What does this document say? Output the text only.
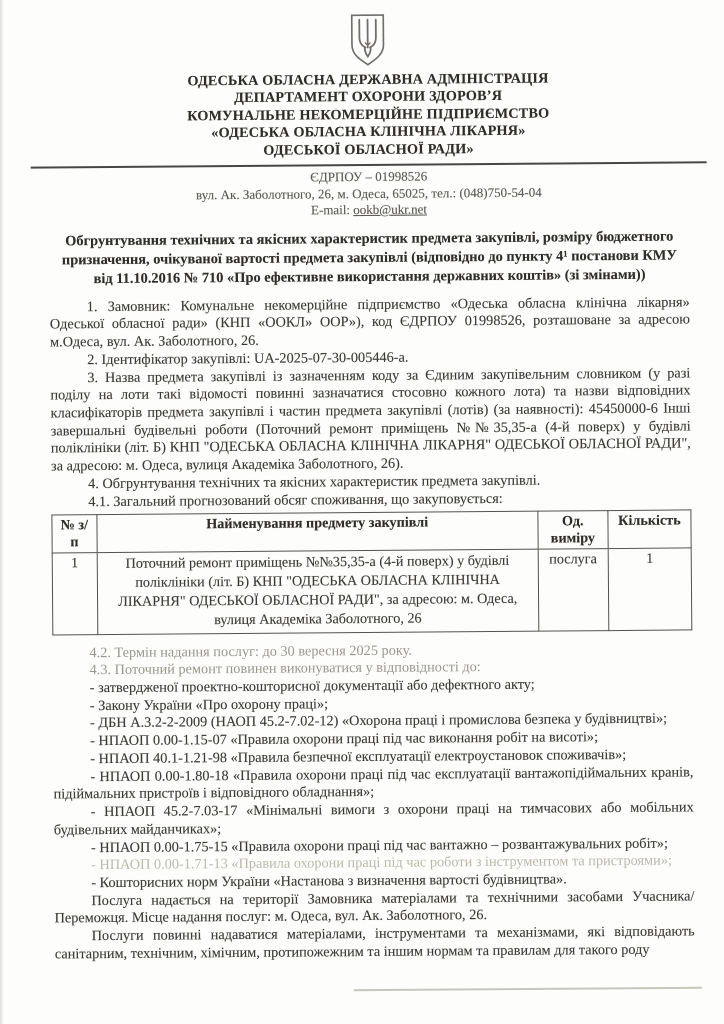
ОДЕСЬКА ОБЛАСНА ДЕРЖАВНА АДМІНІСТРАЦІЯ
ДЕПАРТАМЕНТ ОХОРОНИ ЗДОРОВ’Я
КОМУНАЛЬНЕ НЕКОМЕРЦІЙНЕ ПІДПРИЄМСТВО
«ОДЕСЬКА ОБЛАСНА КЛІНІЧНА ЛІКАРНЯ»
ОДЕСЬКОЇ ОБЛАСНОЇ РАДИ»
ЄДРПОУ – 01998526
вул. Ак. Заболотного, 26, м. Одеса, 65025, тел.: (048)750-54-04
E-mail: ookb@ukr.net
Обгрунтування технічних та якісних характеристик предмета закупівлі, розміру бюджетного призначення, очікуваної вартості предмета закупівлі (відповідно до пункту 4¹ постанови КМУ від 11.10.2016 № 710 «Про ефективне використання державних коштів» (зі змінами))

1. Замовник: Комунальне некомерційне підприємство «Одеська обласна клінічна лікарня» Одеської обласної ради» (КНП «ООКЛ» ООР»), код ЄДРПОУ 01998526, розташоване за адресою м.Одеса, вул. Ак. Заболотного, 26.

2. Ідентифікатор закупівлі: UA-2025-07-30-005446-a.

3. Назва предмета закупівлі із зазначенням коду за Єдиним закупівельним словником (у разі поділу на лоти такі відомості повинні зазначатися стосовно кожного лота) та назви відповідних класифікаторів предмета закупівлі і частин предмета закупівлі (лотів) (за наявності): 45450000-6 Інші завершальні будівельні роботи (Поточний ремонт приміщень №№35,35-а (4-й поверх) у будівлі поліклініки (літ. Б) КНП "ОДЕСЬКА ОБЛАСНА КЛІНІЧНА ЛІКАРНЯ" ОДЕСЬКОЇ ОБЛАСНОЇ РАДИ", за адресою: м. Одеса, вулиця Академіка Заболотного, 26).

4. Обгрунтування технічних та якісних характеристик предмета закупівлі.

4.1. Загальний прогнозований обсяг споживання, що закуповується:

№ з/п	Найменування предмету закупівлі	Од. виміру	Кількість
1	Поточний ремонт приміщень №№35,35-а (4-й поверх) у будівлі поліклініки (літ. Б) КНП "ОДЕСЬКА ОБЛАСНА КЛІНІЧНА ЛІКАРНЯ" ОДЕСЬКОЇ ОБЛАСНОЇ РАДИ", за адресою: м. Одеса, вулиця Академіка Заболотного, 26	послуга	1

4.2. Термін надання послуг: до 30 вересня 2025 року.

4.3. Поточний ремонт повинен виконуватися у відповідності до:

- затвердженої проектно-кошторисної документації або дефектного акту;

- Закону України «Про охорону праці»;

- ДБН А.3.2-2-2009 (НАОП 45.2-7.02-12) «Охорона праці і промислова безпека у будівництві»;

- НПАОП 0.00-1.15-07 «Правила охорони праці під час виконання робіт на висоті»;

- НПАОП 40.1-1.21-98 «Правила безпечної експлуатації електроустановок споживачів»;

- НПАОП 0.00-1.80-18 «Правила охорони праці під час експлуатації вантажопідіймальних кранів, підіймальних пристроїв і відповідного обладнання»;

- НПАОП 45.2-7.03-17 «Мінімальні вимоги з охорони праці на тимчасових або мобільних будівельних майданчиках»;

- НПАОП 0.00-1.75-15 «Правила охорони праці під час вантажно – розвантажувальних робіт»;

- НПАОП 0.00-1.71-13 «Правила охорони праці під час роботи з інструментом та пристроями»;

- Кошторисних норм України «Настанова з визначення вартості будівництва».

Послуга надається на території Замовника матеріалами та технічними засобами Учасника/Переможця. Місце надання послуг: м. Одеса, вул. Ак. Заболотного, 26.

Послуги повинні надаватися матеріалами, інструментами та механізмами, які відповідають санітарним, технічним, хімічним, протипожежним та іншим нормам та правилам для такого роду
